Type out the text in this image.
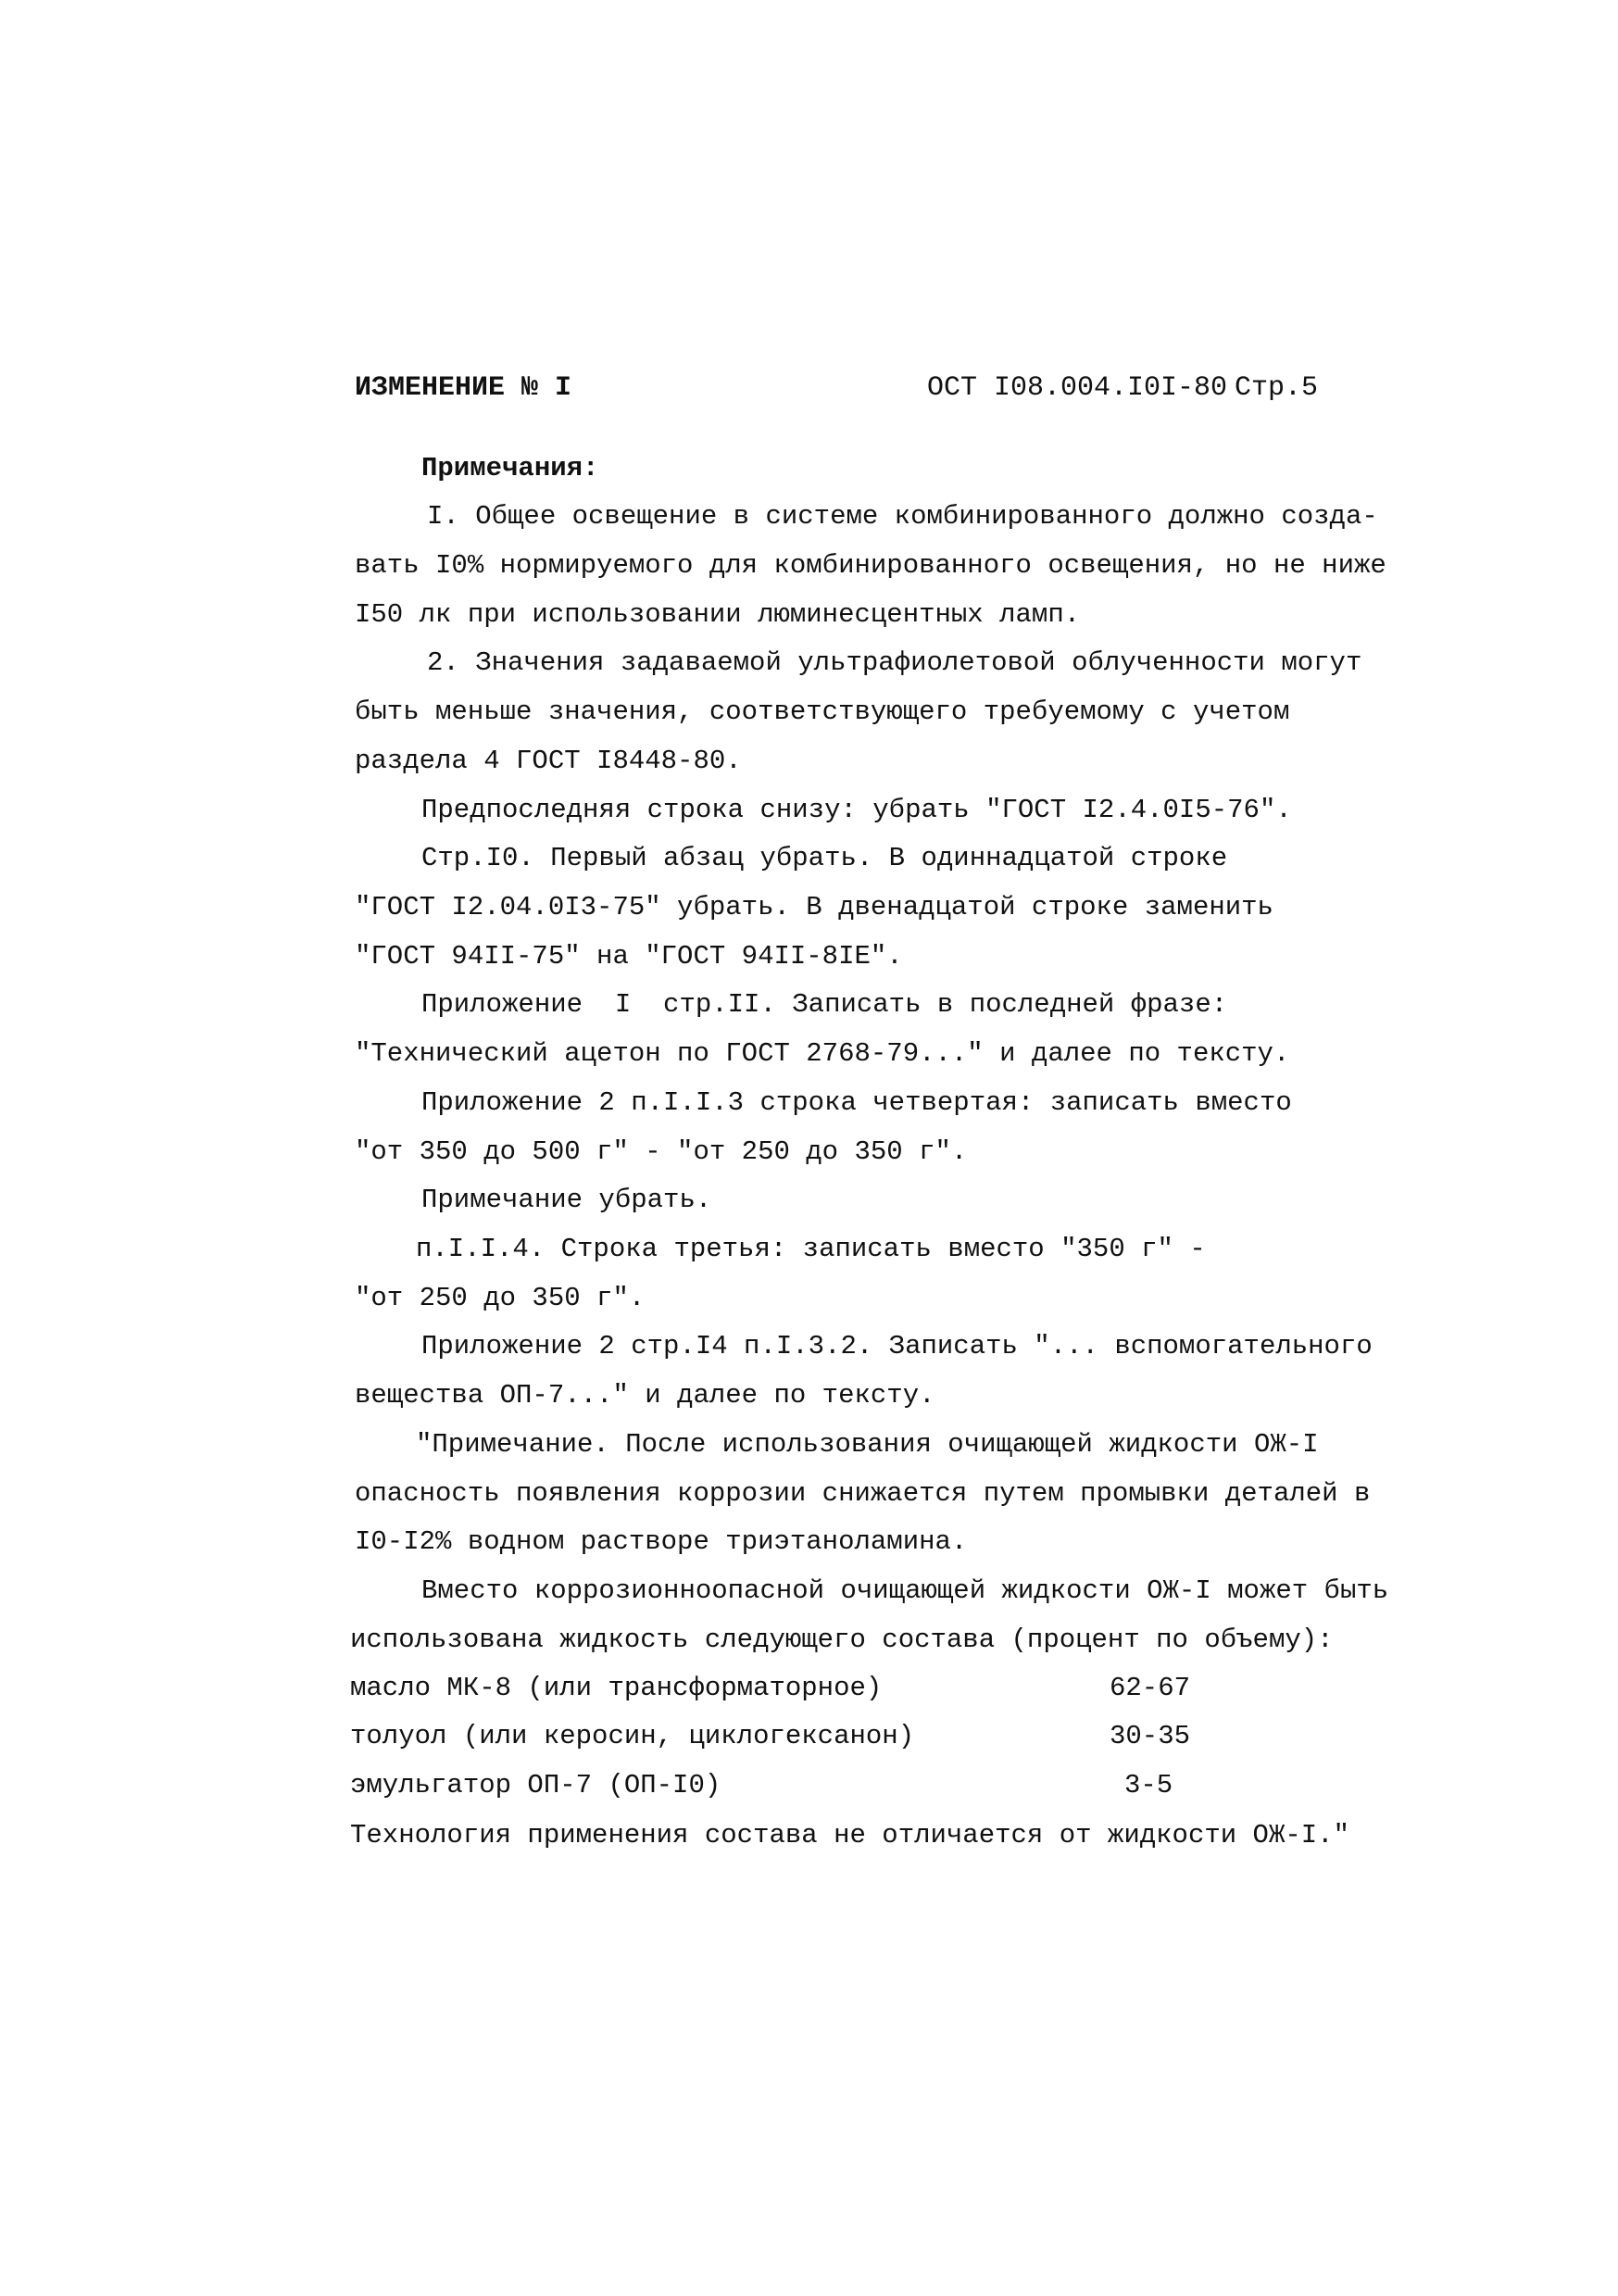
ИЗМЕНЕНИЕ № I	ОСТ I08.004.I0I-80 Стр.5
Примечания:
I. Общее освещение в системе комбинированного должно созда-
вать I0% нормируемого для комбинированного освещения, но не ниже
I50 лк при использовании люминесцентных ламп.
2. Значения задаваемой ультрафиолетовой облученности могут
быть меньше значения, соответствующего требуемому с учетом
раздела 4 ГОСТ I8448-80.
Предпоследняя строка снизу: убрать "ГОСТ I2.4.0I5-76".
Стр.I0. Первый абзац убрать. В одиннадцатой строке
"ГОСТ I2.04.0I3-75" убрать. В двенадцатой строке заменить
"ГОСТ 94II-75" на "ГОСТ 94II-8IЕ".
Приложение  I  стр.II. Записать в последней фразе:
"Технический ацетон по ГОСТ 2768-79..." и далее по тексту.
Приложение 2 п.I.I.3 строка четвертая: записать вместо
"от 350 до 500 г" - "от 250 до 350 г".
Примечание убрать.
п.I.I.4. Строка третья: записать вместо "350 г" -
"от 250 до 350 г".
Приложение 2 стр.I4 п.I.3.2. Записать "... вспомогательного
вещества ОП-7..." и далее по тексту.
"Примечание. После использования очищающей жидкости ОЖ-I
опасность появления коррозии снижается путем промывки деталей в
I0-I2% водном растворе триэтаноламина.
Вместо коррозионноопасной очищающей жидкости ОЖ-I может быть
использована жидкость следующего состава (процент по объему):
масло МК-8 (или трансформаторное)	62-67
толуол (или керосин, циклогексанон)	30-35
эмульгатор ОП-7 (ОП-I0)	3-5
Технология применения состава не отличается от жидкости ОЖ-I."
